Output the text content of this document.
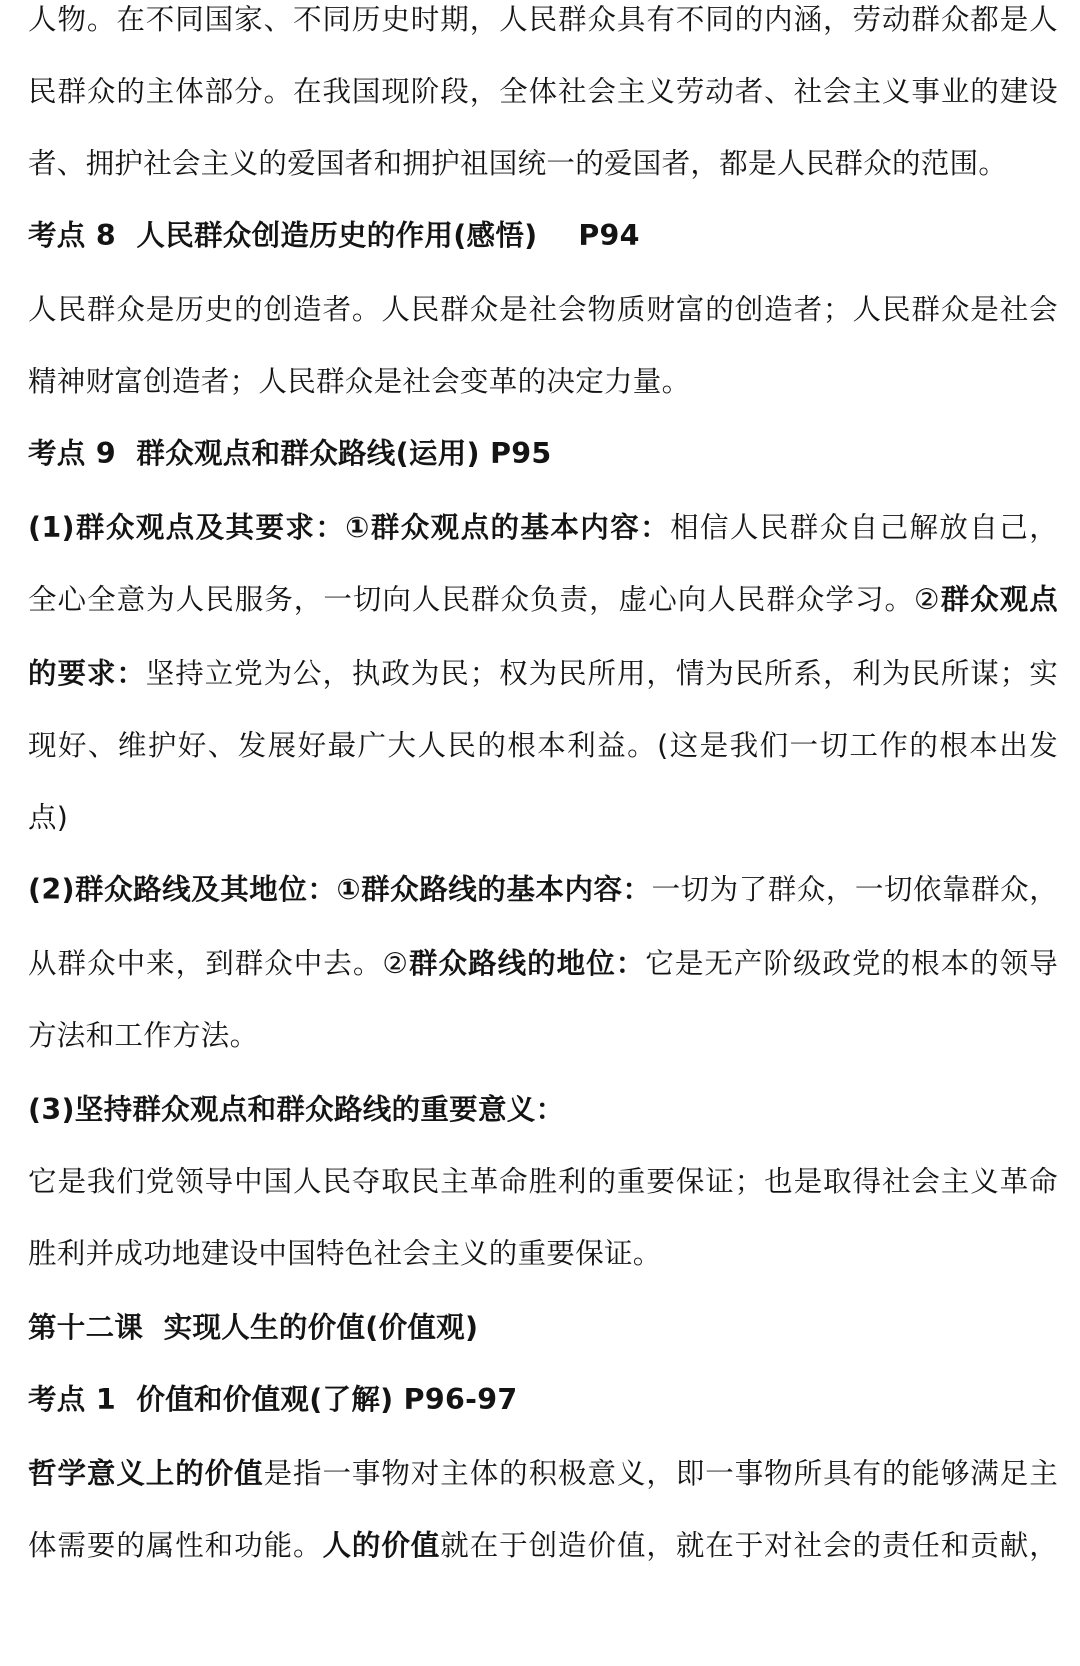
人物。在不同国家、不同历史时期，人民群众具有不同的内涵，劳动群众都是人
民群众的主体部分。在我国现阶段，全体社会主义劳动者、社会主义事业的建设
者、拥护社会主义的爱国者和拥护祖国统一的爱国者，都是人民群众的范围。
考点 8  人民群众创造历史的作用(感悟)    P94
人民群众是历史的创造者。人民群众是社会物质财富的创造者；人民群众是社会
精神财富创造者；人民群众是社会变革的决定力量。
考点 9  群众观点和群众路线(运用) P95
(1)群众观点及其要求：①群众观点的基本内容：相信人民群众自己解放自己，
全心全意为人民服务，一切向人民群众负责，虚心向人民群众学习。②群众观点
的要求：坚持立党为公，执政为民；权为民所用，情为民所系，利为民所谋；实
现好、维护好、发展好最广大人民的根本利益。(这是我们一切工作的根本出发
点)
(2)群众路线及其地位：①群众路线的基本内容：一切为了群众，一切依靠群众，
从群众中来，到群众中去。②群众路线的地位：它是无产阶级政党的根本的领导
方法和工作方法。
(3)坚持群众观点和群众路线的重要意义：
它是我们党领导中国人民夺取民主革命胜利的重要保证；也是取得社会主义革命
胜利并成功地建设中国特色社会主义的重要保证。
第十二课  实现人生的价值(价值观)
考点 1  价值和价值观(了解) P96-97
哲学意义上的价值是指一事物对主体的积极意义，即一事物所具有的能够满足主
体需要的属性和功能。人的价值就在于创造价值，就在于对社会的责任和贡献，
